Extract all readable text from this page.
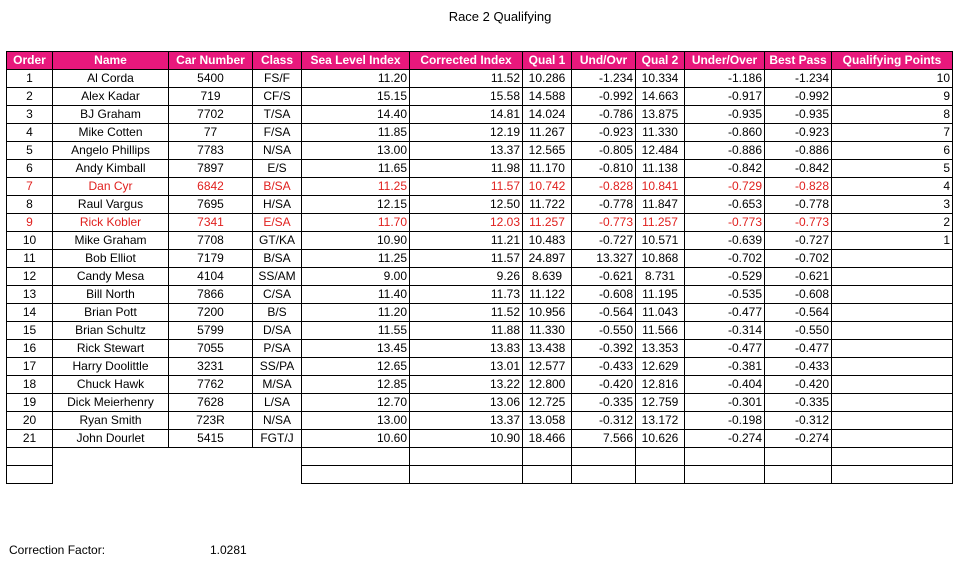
Race 2 Qualifying
Order	Name	Car Number	Class	Sea Level Index	Corrected Index	Qual 1	Und/Ovr	Qual 2	Under/Over	Best Pass	Qualifying Points
1	Al Corda	5400	FS/F	11.20	11.52	10.286	-1.234	10.334	-1.186	-1.234	10
2	Alex Kadar	719	CF/S	15.15	15.58	14.588	-0.992	14.663	-0.917	-0.992	9
3	BJ Graham	7702	T/SA	14.40	14.81	14.024	-0.786	13.875	-0.935	-0.935	8
4	Mike Cotten	77	F/SA	11.85	12.19	11.267	-0.923	11.330	-0.860	-0.923	7
5	Angelo Phillips	7783	N/SA	13.00	13.37	12.565	-0.805	12.484	-0.886	-0.886	6
6	Andy Kimball	7897	E/S	11.65	11.98	11.170	-0.810	11.138	-0.842	-0.842	5
7	Dan Cyr	6842	B/SA	11.25	11.57	10.742	-0.828	10.841	-0.729	-0.828	4
8	Raul Vargus	7695	H/SA	12.15	12.50	11.722	-0.778	11.847	-0.653	-0.778	3
9	Rick Kobler	7341	E/SA	11.70	12.03	11.257	-0.773	11.257	-0.773	-0.773	2
10	Mike Graham	7708	GT/KA	10.90	11.21	10.483	-0.727	10.571	-0.639	-0.727	1
11	Bob Elliot	7179	B/SA	11.25	11.57	24.897	13.327	10.868	-0.702	-0.702	
12	Candy Mesa	4104	SS/AM	9.00	9.26	8.639	-0.621	8.731	-0.529	-0.621	
13	Bill North	7866	C/SA	11.40	11.73	11.122	-0.608	11.195	-0.535	-0.608	
14	Brian Pott	7200	B/S	11.20	11.52	10.956	-0.564	11.043	-0.477	-0.564	
15	Brian Schultz	5799	D/SA	11.55	11.88	11.330	-0.550	11.566	-0.314	-0.550	
16	Rick Stewart	7055	P/SA	13.45	13.83	13.438	-0.392	13.353	-0.477	-0.477	
17	Harry Doolittle	3231	SS/PA	12.65	13.01	12.577	-0.433	12.629	-0.381	-0.433	
18	Chuck Hawk	7762	M/SA	12.85	13.22	12.800	-0.420	12.816	-0.404	-0.420	
19	Dick Meierhenry	7628	L/SA	12.70	13.06	12.725	-0.335	12.759	-0.301	-0.335	
20	Ryan Smith	723R	N/SA	13.00	13.37	13.058	-0.312	13.172	-0.198	-0.312	
21	John Dourlet	5415	FGT/J	10.60	10.90	18.466	7.566	10.626	-0.274	-0.274	

Correction Factor:	1.0281
